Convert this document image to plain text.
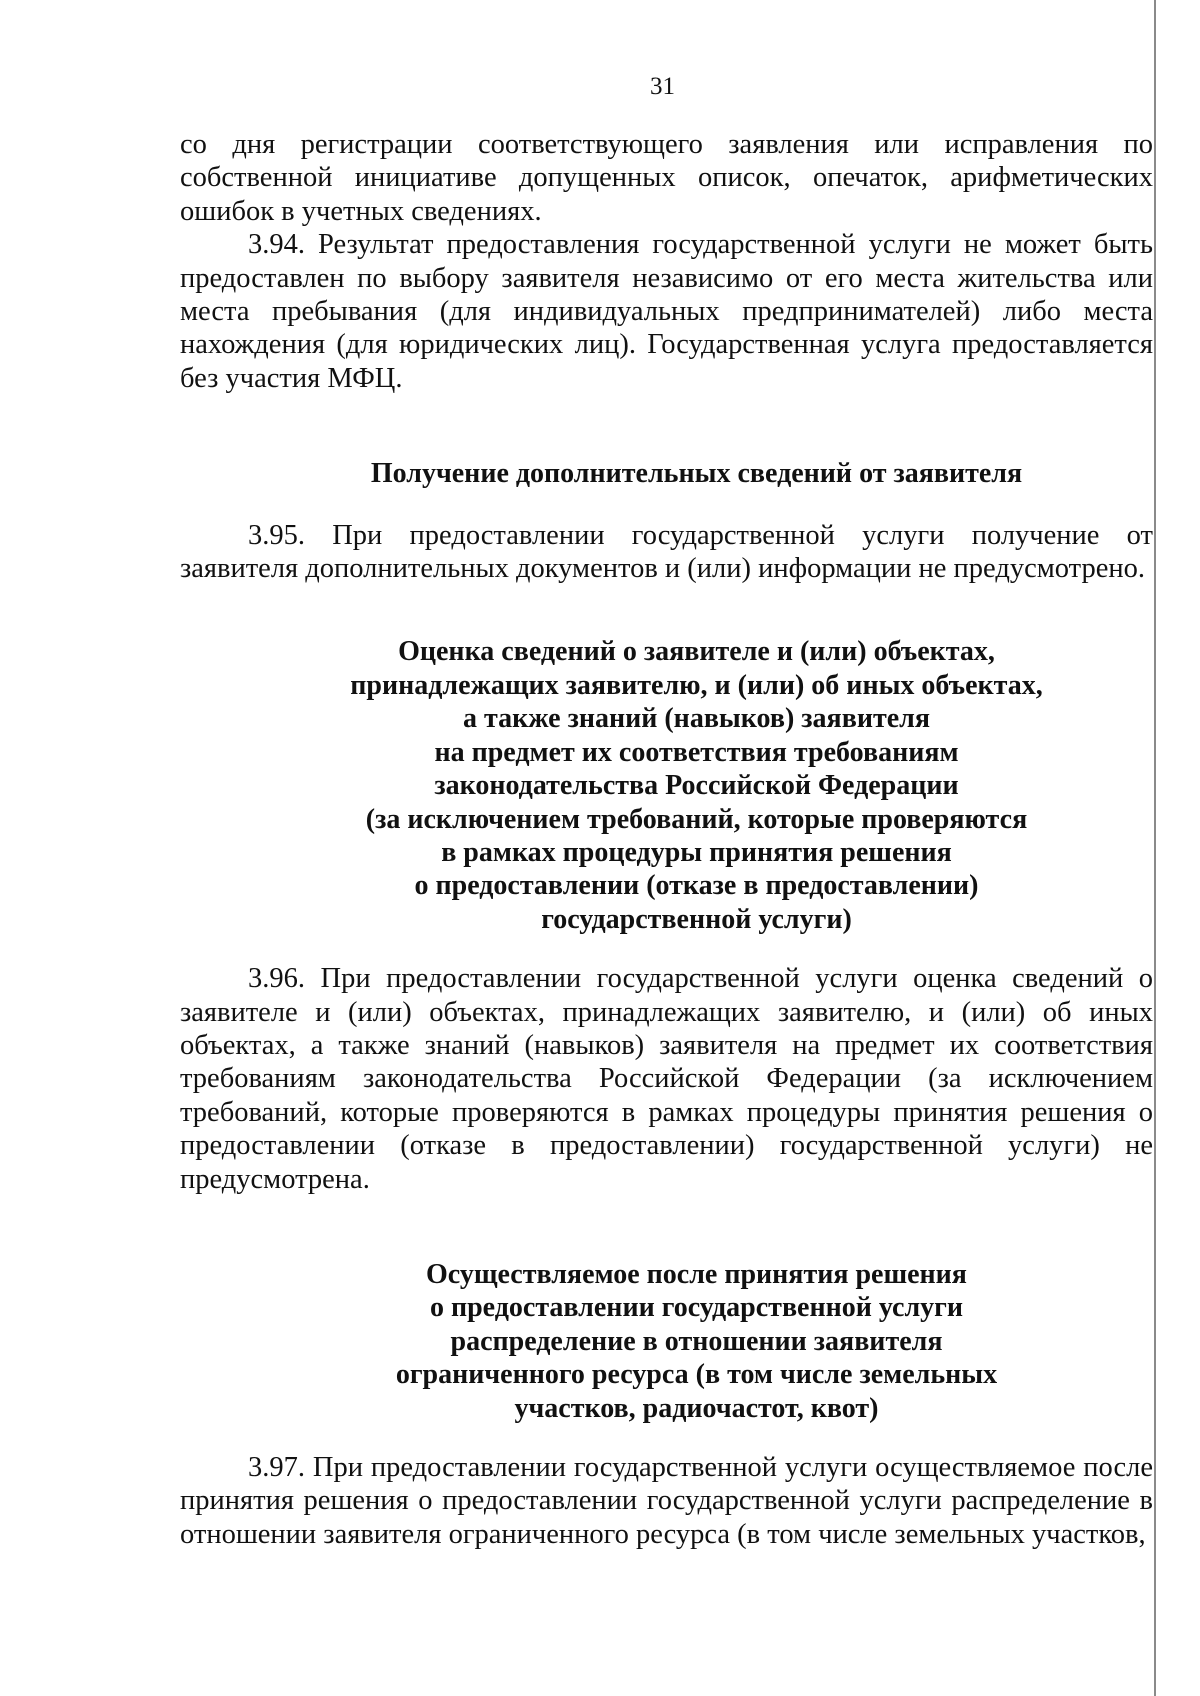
31

со дня регистрации соответствующего заявления или исправления по собственной инициативе допущенных описок, опечаток, арифметических ошибок в учетных сведениях.

3.94. Результат предоставления государственной услуги не может быть предоставлен по выбору заявителя независимо от его места жительства или места пребывания (для индивидуальных предпринимателей) либо места нахождения (для юридических лиц). Государственная услуга предоставляется без участия МФЦ.

Получение дополнительных сведений от заявителя

3.95. При предоставлении государственной услуги получение от заявителя дополнительных документов и (или) информации не предусмотрено.

Оценка сведений о заявителе и (или) объектах,
принадлежащих заявителю, и (или) об иных объектах,
а также знаний (навыков) заявителя
на предмет их соответствия требованиям
законодательства Российской Федерации
(за исключением требований, которые проверяются
в рамках процедуры принятия решения
о предоставлении (отказе в предоставлении)
государственной услуги)

3.96. При предоставлении государственной услуги оценка сведений о заявителе и (или) объектах, принадлежащих заявителю, и (или) об иных объектах, а также знаний (навыков) заявителя на предмет их соответствия требованиям законодательства Российской Федерации (за исключением требований, которые проверяются в рамках процедуры принятия решения о предоставлении (отказе в предоставлении) государственной услуги) не предусмотрена.

Осуществляемое после принятия решения
о предоставлении государственной услуги
распределение в отношении заявителя
ограниченного ресурса (в том числе земельных
участков, радиочастот, квот)

3.97. При предоставлении государственной услуги осуществляемое после принятия решения о предоставлении государственной услуги распределение в отношении заявителя ограниченного ресурса (в том числе земельных участков,
